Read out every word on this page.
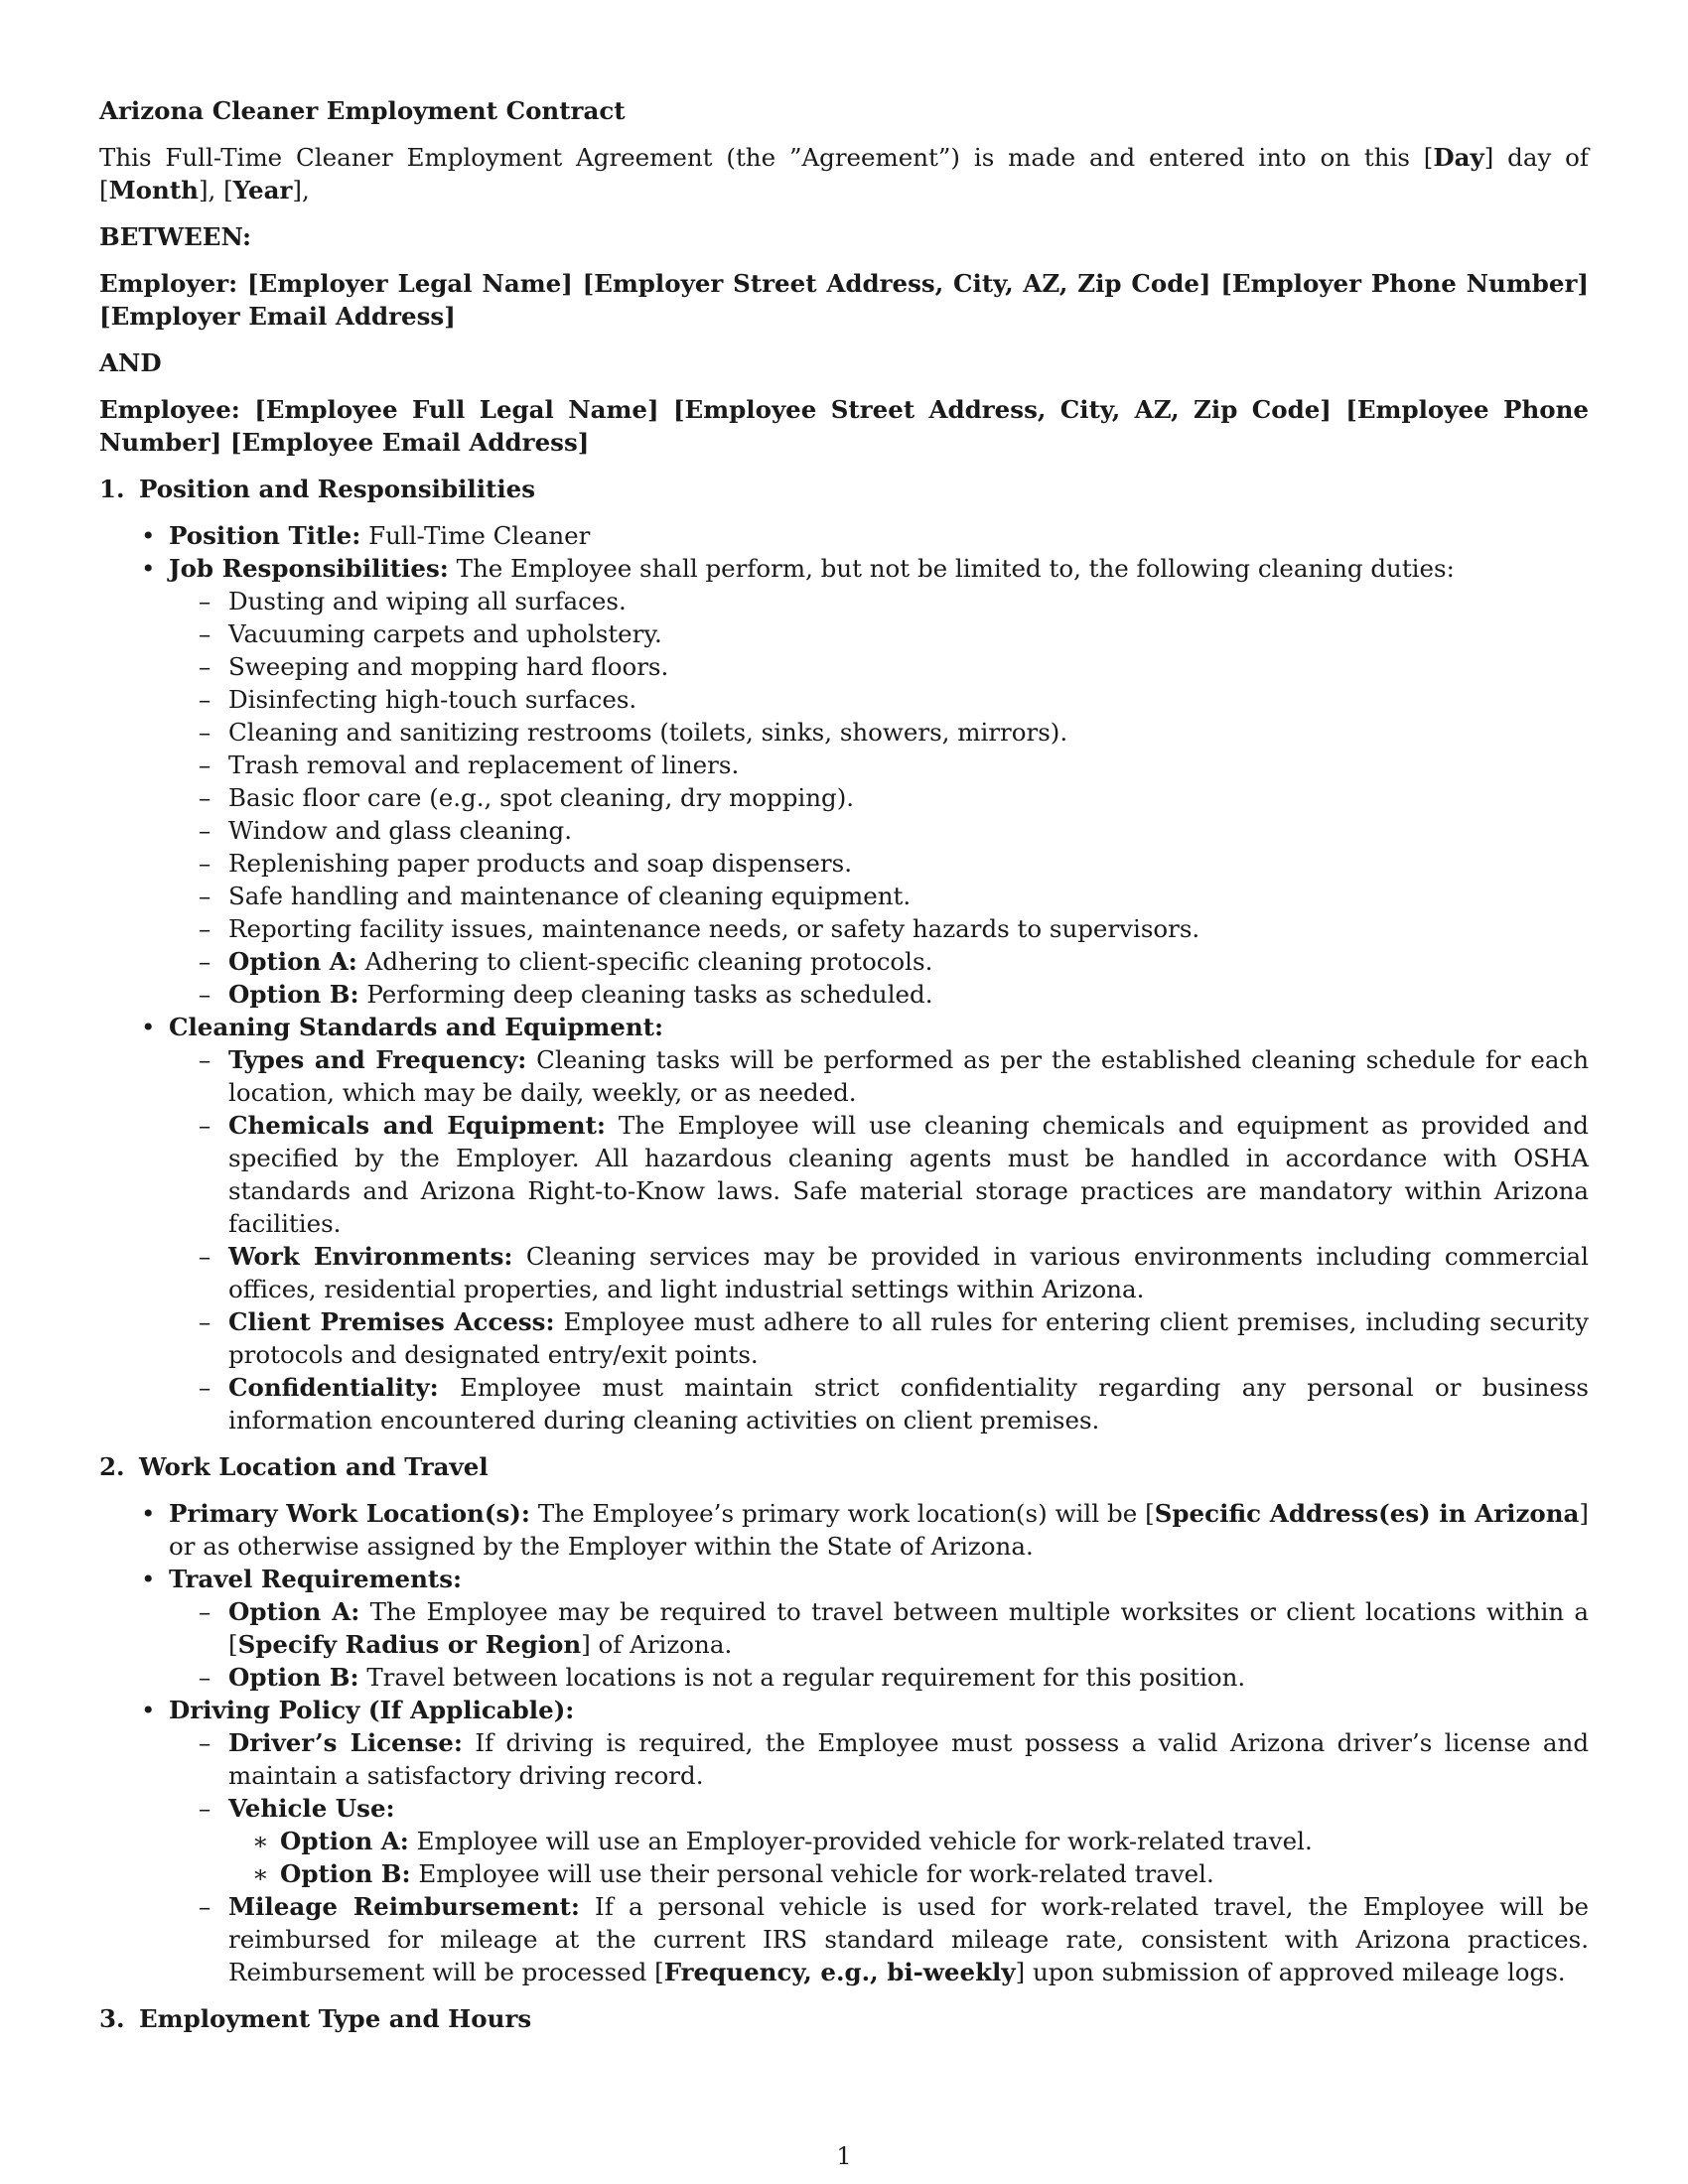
Arizona Cleaner Employment Contract

This Full-Time Cleaner Employment Agreement (the ”Agreement”) is made and entered into on this [Day] day of [Month], [Year],

BETWEEN:

Employer: [Employer Legal Name] [Employer Street Address, City, AZ, Zip Code] [Employer Phone Number] [Employer Email Address]

AND

Employee: [Employee Full Legal Name] [Employee Street Address, City, AZ, Zip Code] [Employee Phone Number] [Employee Email Address]

1. Position and Responsibilities
• Position Title: Full-Time Cleaner
• Job Responsibilities: The Employee shall perform, but not be limited to, the following cleaning duties:
– Dusting and wiping all surfaces.
– Vacuuming carpets and upholstery.
– Sweeping and mopping hard floors.
– Disinfecting high-touch surfaces.
– Cleaning and sanitizing restrooms (toilets, sinks, showers, mirrors).
– Trash removal and replacement of liners.
– Basic floor care (e.g., spot cleaning, dry mopping).
– Window and glass cleaning.
– Replenishing paper products and soap dispensers.
– Safe handling and maintenance of cleaning equipment.
– Reporting facility issues, maintenance needs, or safety hazards to supervisors.
– Option A: Adhering to client-specific cleaning protocols.
– Option B: Performing deep cleaning tasks as scheduled.
• Cleaning Standards and Equipment:
– Types and Frequency: Cleaning tasks will be performed as per the established cleaning schedule for each location, which may be daily, weekly, or as needed.
– Chemicals and Equipment: The Employee will use cleaning chemicals and equipment as provided and specified by the Employer. All hazardous cleaning agents must be handled in accordance with OSHA standards and Arizona Right-to-Know laws. Safe material storage practices are mandatory within Arizona facilities.
– Work Environments: Cleaning services may be provided in various environments including commercial offices, residential properties, and light industrial settings within Arizona.
– Client Premises Access: Employee must adhere to all rules for entering client premises, including security protocols and designated entry/exit points.
– Confidentiality: Employee must maintain strict confidentiality regarding any personal or business information encountered during cleaning activities on client premises.
2. Work Location and Travel
• Primary Work Location(s): The Employee’s primary work location(s) will be [Specific Address(es) in Arizona] or as otherwise assigned by the Employer within the State of Arizona.
• Travel Requirements:
– Option A: The Employee may be required to travel between multiple worksites or client locations within a [Specify Radius or Region] of Arizona.
– Option B: Travel between locations is not a regular requirement for this position.
• Driving Policy (If Applicable):
– Driver’s License: If driving is required, the Employee must possess a valid Arizona driver’s license and maintain a satisfactory driving record.
– Vehicle Use:
∗ Option A: Employee will use an Employer-provided vehicle for work-related travel.
∗ Option B: Employee will use their personal vehicle for work-related travel.
– Mileage Reimbursement: If a personal vehicle is used for work-related travel, the Employee will be reimbursed for mileage at the current IRS standard mileage rate, consistent with Arizona practices. Reimbursement will be processed [Frequency, e.g., bi-weekly] upon submission of approved mileage logs.
3. Employment Type and Hours
1
